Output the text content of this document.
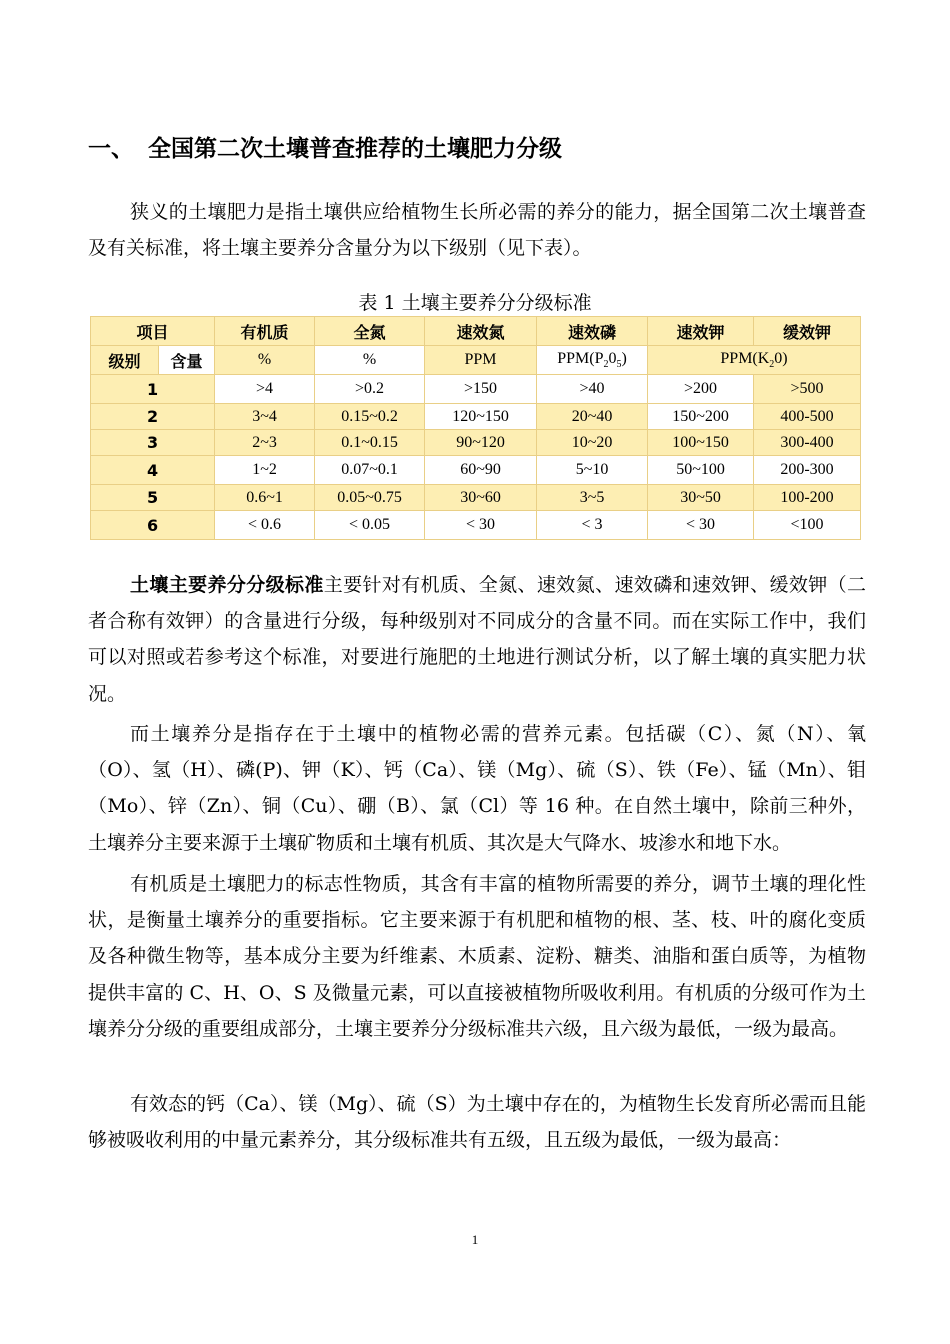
一、 全国第二次土壤普查推荐的土壤肥力分级

狭义的土壤肥力是指土壤供应给植物生长所必需的养分的能力，据全国第二次土壤普查及有关标准，将土壤主要养分含量分为以下级别（见下表）。

表 1 土壤主要养分分级标准
项目		有机质	全氮	速效氮	速效磷	速效钾	缓效钾
级别	含量	%	%	PPM	$PPM(P_20_5)$	$PPM(K_20)$	
1		>4	>0.2	>150	>40	>200	>500
2		3~4	0.15~0.2	120~150	20~40	150~200	400-500
3		2~3	0.1~0.15	90~120	10~20	100~150	300-400
4		1~2	0.07~0.1	60~90	5~10	50~100	200-300
5		0.6~1	0.05~0.75	30~60	3~5	30~50	100-200
6		< 0.6	< 0.05	< 30	< 3	< 30	<100

土壤主要养分分级标准主要针对有机质、全氮、速效氮、速效磷和速效钾、缓效钾（二者合称有效钾）的含量进行分级，每种级别对不同成分的含量不同。而在实际工作中，我们可以对照或若参考这个标准，对要进行施肥的土地进行测试分析，以了解土壤的真实肥力状况。

而土壤养分是指存在于土壤中的植物必需的营养元素。包括碳（C）、氮（N）、氧（O）、氢（H）、磷(P)、钾（K）、钙（Ca）、镁（Mg）、硫（S）、铁（Fe）、锰（Mn）、钼（Mo）、锌（Zn）、铜（Cu）、硼（B）、氯（Cl）等 16 种。在自然土壤中，除前三种外，土壤养分主要来源于土壤矿物质和土壤有机质、其次是大气降水、坡渗水和地下水。

有机质是土壤肥力的标志性物质，其含有丰富的植物所需要的养分，调节土壤的理化性状，是衡量土壤养分的重要指标。它主要来源于有机肥和植物的根、茎、枝、叶的腐化变质及各种微生物等，基本成分主要为纤维素、木质素、淀粉、糖类、油脂和蛋白质等，为植物提供丰富的 C、H、O、S 及微量元素，可以直接被植物所吸收利用。有机质的分级可作为土壤养分分级的重要组成部分，土壤主要养分分级标准共六级，且六级为最低，一级为最高。

有效态的钙（Ca）、镁（Mg）、硫（S）为土壤中存在的，为植物生长发育所必需而且能够被吸收利用的中量元素养分，其分级标准共有五级，且五级为最低，一级为最高：

1
